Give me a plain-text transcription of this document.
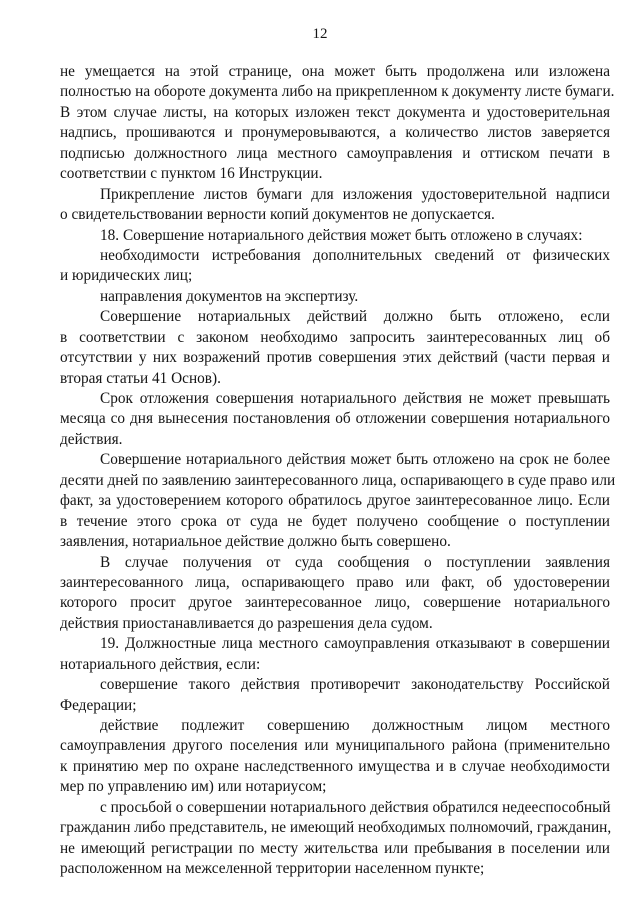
12
не умещается на этой странице, она может быть продолжена или изложена
полностью на обороте документа либо на прикрепленном к документу листе бумаги.
В этом случае листы, на которых изложен текст документа и удостоверительная
надпись, прошиваются и пронумеровываются, а количество листов заверяется
подписью должностного лица местного самоуправления и оттиском печати в
соответствии с пунктом 16 Инструкции.
Прикрепление листов бумаги для изложения удостоверительной надписи
о свидетельствовании верности копий документов не допускается.
18. Совершение нотариального действия может быть отложено в случаях:
необходимости истребования дополнительных сведений от физических
и юридических лиц;
направления документов на экспертизу.
Совершение нотариальных действий должно быть отложено, если
в соответствии с законом необходимо запросить заинтересованных лиц об
отсутствии у них возражений против совершения этих действий (части первая и
вторая статьи 41 Основ).
Срок отложения совершения нотариального действия не может превышать
месяца со дня вынесения постановления об отложении совершения нотариального
действия.
Совершение нотариального действия может быть отложено на срок не более
десяти дней по заявлению заинтересованного лица, оспаривающего в суде право или
факт, за удостоверением которого обратилось другое заинтересованное лицо. Если
в течение этого срока от суда не будет получено сообщение о поступлении
заявления, нотариальное действие должно быть совершено.
В случае получения от суда сообщения о поступлении заявления
заинтересованного лица, оспаривающего право или факт, об удостоверении
которого просит другое заинтересованное лицо, совершение нотариального
действия приостанавливается до разрешения дела судом.
19. Должностные лица местного самоуправления отказывают в совершении
нотариального действия, если:
совершение такого действия противоречит законодательству Российской
Федерации;
действие подлежит совершению должностным лицом местного
самоуправления другого поселения или муниципального района (применительно
к принятию мер по охране наследственного имущества и в случае необходимости
мер по управлению им) или нотариусом;
с просьбой о совершении нотариального действия обратился недееспособный
гражданин либо представитель, не имеющий необходимых полномочий, гражданин,
не имеющий регистрации по месту жительства или пребывания в поселении или
расположенном на межселенной территории населенном пункте;
